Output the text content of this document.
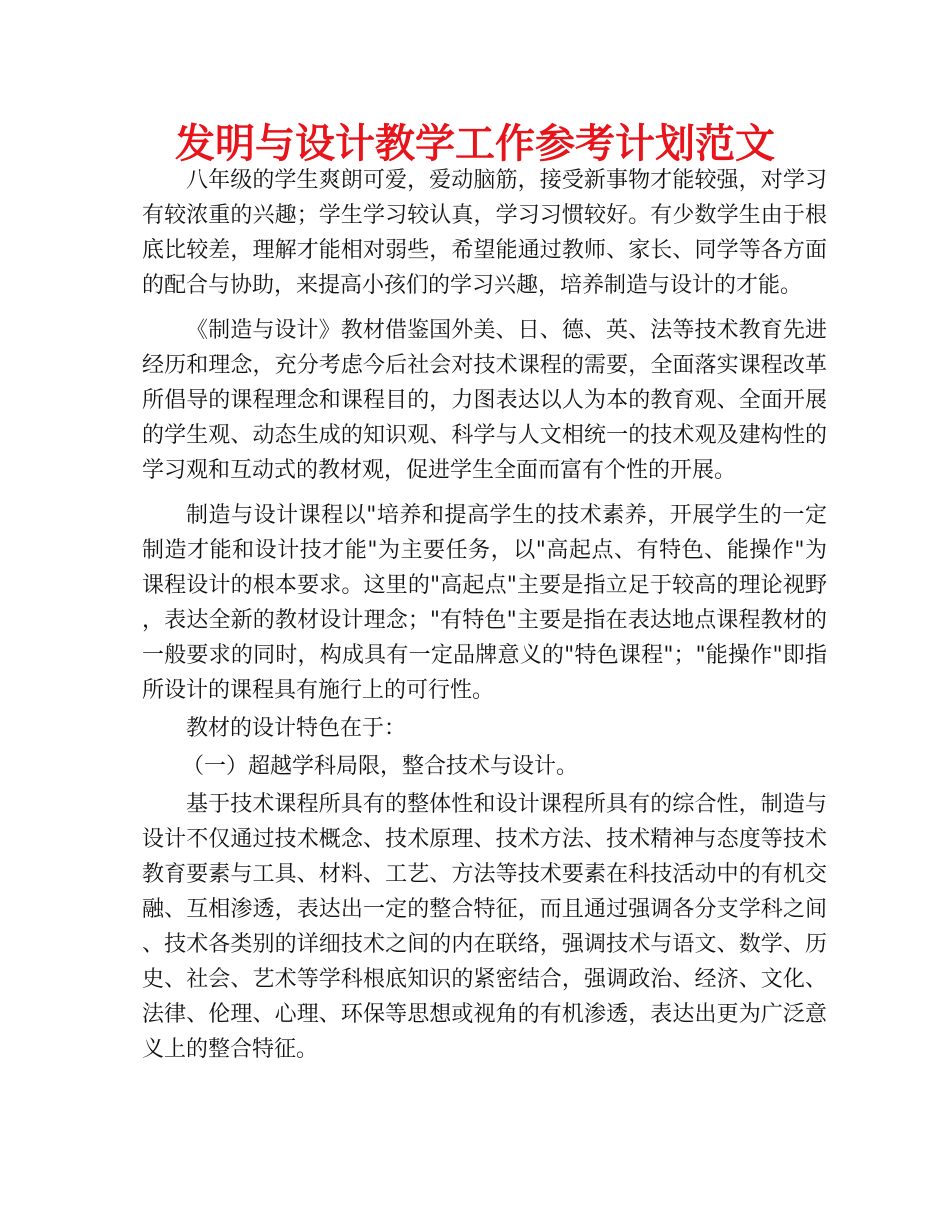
发明与设计教学工作参考计划范文

八年级的学生爽朗可爱，爱动脑筋，接受新事物才能较强，对学习有较浓重的兴趣；学生学习较认真，学习习惯较好。有少数学生由于根底比较差，理解才能相对弱些，希望能通过教师、家长、同学等各方面的配合与协助，来提高小孩们的学习兴趣，培养制造与设计的才能。

《制造与设计》教材借鉴国外美、日、德、英、法等技术教育先进经历和理念，充分考虑今后社会对技术课程的需要，全面落实课程改革所倡导的课程理念和课程目的，力图表达以人为本的教育观、全面开展的学生观、动态生成的知识观、科学与人文相统一的技术观及建构性的学习观和互动式的教材观，促进学生全面而富有个性的开展。

制造与设计课程以"培养和提高学生的技术素养，开展学生的一定制造才能和设计技才能"为主要任务，以"高起点、有特色、能操作"为课程设计的根本要求。这里的"高起点"主要是指立足于较高的理论视野，表达全新的教材设计理念；"有特色"主要是指在表达地点课程教材的一般要求的同时，构成具有一定品牌意义的"特色课程"；"能操作"即指所设计的课程具有施行上的可行性。

教材的设计特色在于：

（一）超越学科局限，整合技术与设计。

基于技术课程所具有的整体性和设计课程所具有的综合性，制造与设计不仅通过技术概念、技术原理、技术方法、技术精神与态度等技术教育要素与工具、材料、工艺、方法等技术要素在科技活动中的有机交融、互相渗透，表达出一定的整合特征，而且通过强调各分支学科之间、技术各类别的详细技术之间的内在联络，强调技术与语文、数学、历史、社会、艺术等学科根底知识的紧密结合，强调政治、经济、文化、法律、伦理、心理、环保等思想或视角的有机渗透，表达出更为广泛意义上的整合特征。
